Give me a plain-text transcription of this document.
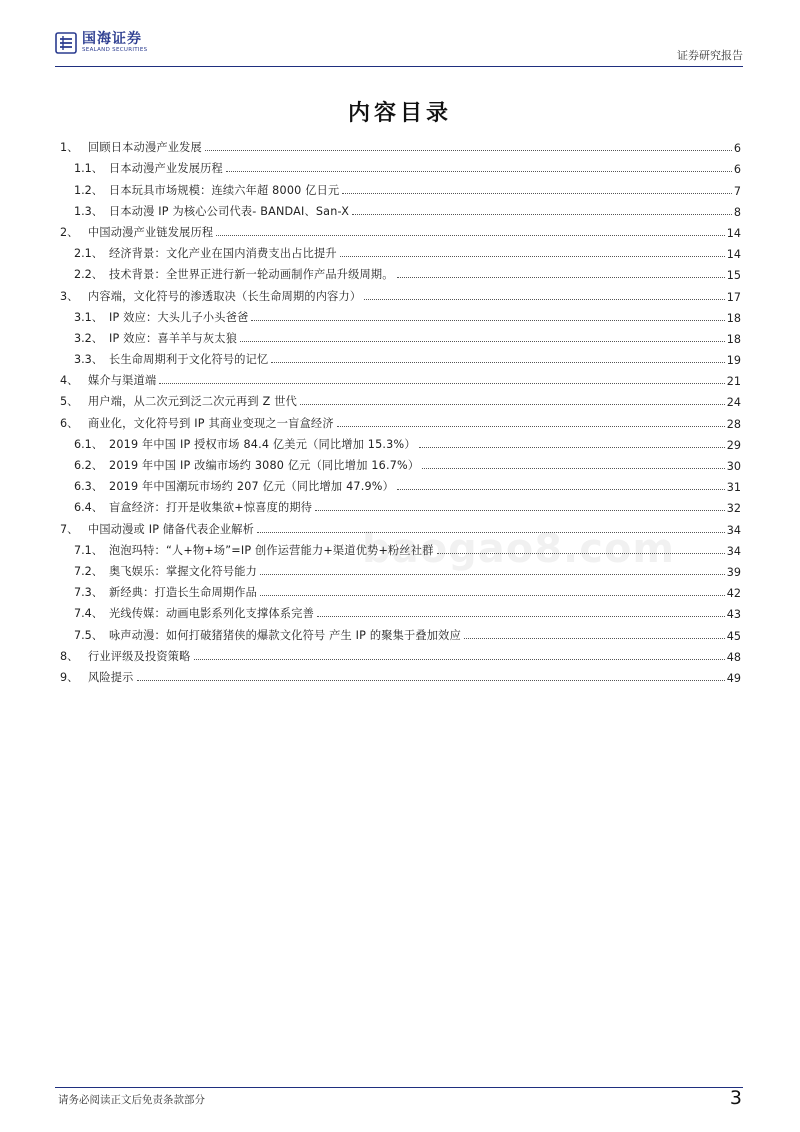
国海证券
SEALAND SECURITIES	证券研究报告
内容目录
baogao8.com
1、 回顾日本动漫产业发展	6
1.1、 日本动漫产业发展历程	6
1.2、 日本玩具市场规模：连续六年超 8000 亿日元	7
1.3、 日本动漫 IP 为核心公司代表- BANDAI、San-X	8
2、 中国动漫产业链发展历程	14
2.1、 经济背景：文化产业在国内消费支出占比提升	14
2.2、 技术背景：全世界正进行新一轮动画制作产品升级周期。	15
3、 内容端，文化符号的渗透取决（长生命周期的内容力）	17
3.1、 IP 效应：大头儿子小头爸爸	18
3.2、 IP 效应：喜羊羊与灰太狼	18
3.3、 长生命周期利于文化符号的记忆	19
4、 媒介与渠道端	21
5、 用户端，从二次元到泛二次元再到 Z 世代	24
6、 商业化，文化符号到 IP 其商业变现之一盲盒经济	28
6.1、 2019 年中国 IP 授权市场 84.4 亿美元（同比增加 15.3%）	29
6.2、 2019 年中国 IP 改编市场约 3080 亿元（同比增加 16.7%）	30
6.3、 2019 年中国潮玩市场约 207 亿元（同比增加 47.9%）	31
6.4、 盲盒经济：打开是收集欲+惊喜度的期待	32
7、 中国动漫或 IP 储备代表企业解析	34
7.1、 泡泡玛特：“人+物+场”=IP 创作运营能力+渠道优势+粉丝社群	34
7.2、 奥飞娱乐：掌握文化符号能力	39
7.3、 新经典：打造长生命周期作品	42
7.4、 光线传媒：动画电影系列化支撑体系完善	43
7.5、 咏声动漫：如何打破猪猪侠的爆款文化符号 产生 IP 的聚集于叠加效应	45
8、 行业评级及投资策略	48
9、 风险提示	49
请务必阅读正文后免责条款部分	3
